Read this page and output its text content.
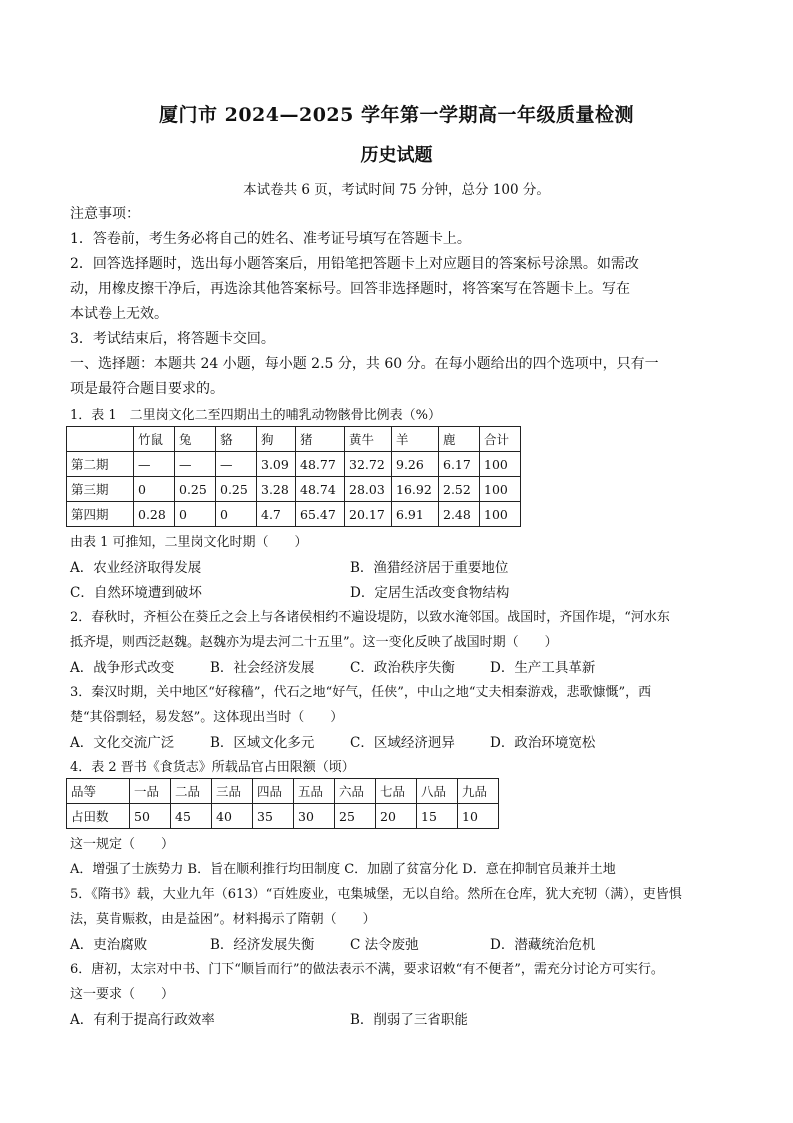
厦门市 2024—2025 学年第一学期高一年级质量检测
历史试题
本试卷共 6 页，考试时间 75 分钟，总分 100 分。
注意事项：
1．答卷前，考生务必将自己的姓名、准考证号填写在答题卡上。
2．回答选择题时，选出每小题答案后，用铅笔把答题卡上对应题目的答案标号涂黑。如需改
动，用橡皮擦干净后，再选涂其他答案标号。回答非选择题时，将答案写在答题卡上。写在
本试卷上无效。
3．考试结束后，将答题卡交回。
一、选择题：本题共 24 小题，每小题 2.5 分，共 60 分。在每小题给出的四个选项中，只有一
项是最符合题目要求的。
1．表 1　二里岗文化二至四期出土的哺乳动物骸骨比例表（%）
	竹鼠	兔	貉	狗	猪	黄牛	羊	鹿	合计
第二期	—	—	—	3.09	48.77	32.72	9.26	6.17	100
第三期	0	0.25	0.25	3.28	48.74	28.03	16.92	2.52	100
第四期	0.28	0	0	4.7	65.47	20.17	6.91	2.48	100
由表 1 可推知，二里岗文化时期（　　）
A．农业经济取得发展	B．渔猎经济居于重要地位
C．自然环境遭到破坏	D．定居生活改变食物结构
2．春秋时，齐桓公在葵丘之会上与各诸侯相约不遍设堤防，以致水淹邻国。战国时，齐国作堤，“河水东
抵齐堤，则西泛赵魏。赵魏亦为堤去河二十五里”。这一变化反映了战国时期（　　）
A．战争形式改变	B．社会经济发展	C．政治秩序失衡	D．生产工具革新
3．秦汉时期，关中地区“好稼穑”，代石之地“好气，任侠”，中山之地“丈夫相秦游戏，悲歌慷慨”，西
楚“其俗剽轻，易发怒”。这体现出当时（　　）
A．文化交流广泛	B．区域文化多元	C．区域经济迥异	D．政治环境宽松
4．表 2 晋书《食货志》所载品官占田限额（顷）
品等	一品	二品	三品	四品	五品	六品	七品	八品	九品
占田数	50	45	40	35	30	25	20	15	10
这一规定（　　）
A．增强了士族势力 B．旨在顺利推行均田制度 C．加剧了贫富分化 D．意在抑制官员兼并土地
5．《隋书》载，大业九年（613）“百姓废业，屯集城堡，无以自给。然所在仓库，犹大充牣（满），吏皆惧
法，莫肯赈救，由是益困”。材料揭示了隋朝（　　）
A．吏治腐败	B．经济发展失衡	C 法令废弛	D．潜藏统治危机
6．唐初，太宗对中书、门下“顺旨而行”的做法表示不满，要求诏敕“有不便者”，需充分讨论方可实行。
这一要求（　　）
A．有利于提高行政效率	B．削弱了三省职能
